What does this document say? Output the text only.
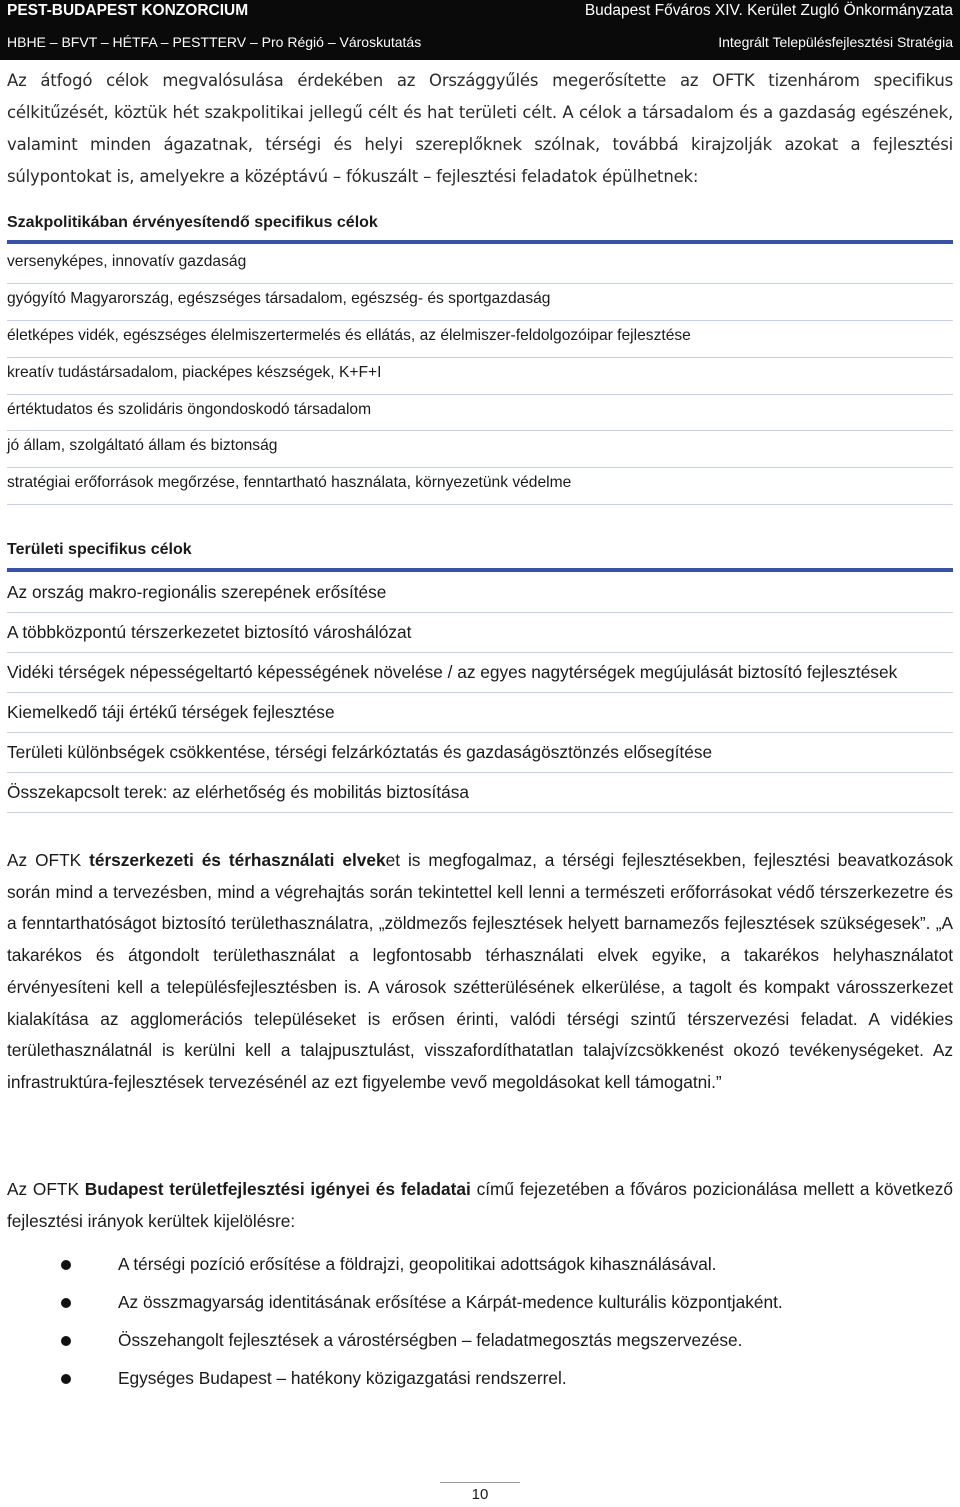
PEST-BUDAPEST KONZORCIUM	Budapest Főváros XIV. Kerület Zugló Önkormányzata
HBHE – BFVT – HÉTFA – PESTTERV – Pro Régió – Városkutatás	Integrált Településfejlesztési Stratégia

Az átfogó célok megvalósulása érdekében az Országgyűlés megerősítette az OFTK tizenhárom specifikus célkitűzését, köztük hét szakpolitikai jellegű célt és hat területi célt. A célok a társadalom és a gazdaság egészének, valamint minden ágazatnak, térségi és helyi szereplőknek szólnak, továbbá kirajzolják azokat a fejlesztési súlypontokat is, amelyekre a középtávú – fókuszált – fejlesztési feladatok épülhetnek:

Szakpolitikában érvényesítendő specifikus célok
versenyképes, innovatív gazdaság
gyógyító Magyarország, egészséges társadalom, egészség- és sportgazdaság
életképes vidék, egészséges élelmiszertermelés és ellátás, az élelmiszer-feldolgozóipar fejlesztése
kreatív tudástársadalom, piacképes készségek, K+F+I
értéktudatos és szolidáris öngondoskodó társadalom
jó állam, szolgáltató állam és biztonság
stratégiai erőforrások megőrzése, fenntartható használata, környezetünk védelme
Területi specifikus célok
Az ország makro-regionális szerepének erősítése
A többközpontú térszerkezetet biztosító városhálózat
Vidéki térségek népességeltartó képességének növelése / az egyes nagytérségek megújulását biztosító fejlesztések
Kiemelkedő táji értékű térségek fejlesztése
Területi különbségek csökkentése, térségi felzárkóztatás és gazdaságösztönzés elősegítése
Összekapcsolt terek: az elérhetőség és mobilitás biztosítása

Az OFTK térszerkezeti és térhasználati elveket is megfogalmaz, a térségi fejlesztésekben, fejlesztési beavatkozások során mind a tervezésben, mind a végrehajtás során tekintettel kell lenni a természeti erőforrásokat védő térszerkezetre és a fenntarthatóságot biztosító területhasználatra, „zöldmezős fejlesztések helyett barnamezős fejlesztések szükségesek”. „A takarékos és átgondolt területhasználat a legfontosabb térhasználati elvek egyike, a takarékos helyhasználatot érvényesíteni kell a településfejlesztésben is. A városok szétterülésének elkerülése, a tagolt és kompakt városszerkezet kialakítása az agglomerációs településeket is erősen érinti, valódi térségi szintű térszervezési feladat. A vidékies területhasználatnál is kerülni kell a talajpusztulást, visszafordíthatatlan talajvízcsökkenést okozó tevékenységeket. Az infrastruktúra-fejlesztések tervezésénél az ezt figyelembe vevő megoldásokat kell támogatni.”

Az OFTK Budapest területfejlesztési igényei és feladatai című fejezetében a főváros pozicionálása mellett a következő fejlesztési irányok kerültek kijelölésre:

A térségi pozíció erősítése a földrajzi, geopolitikai adottságok kihasználásával.
Az összmagyarság identitásának erősítése a Kárpát-medence kulturális központjaként.
Összehangolt fejlesztések a várostérségben – feladatmegosztás megszervezése.
Egységes Budapest – hatékony közigazgatási rendszerrel.
10
